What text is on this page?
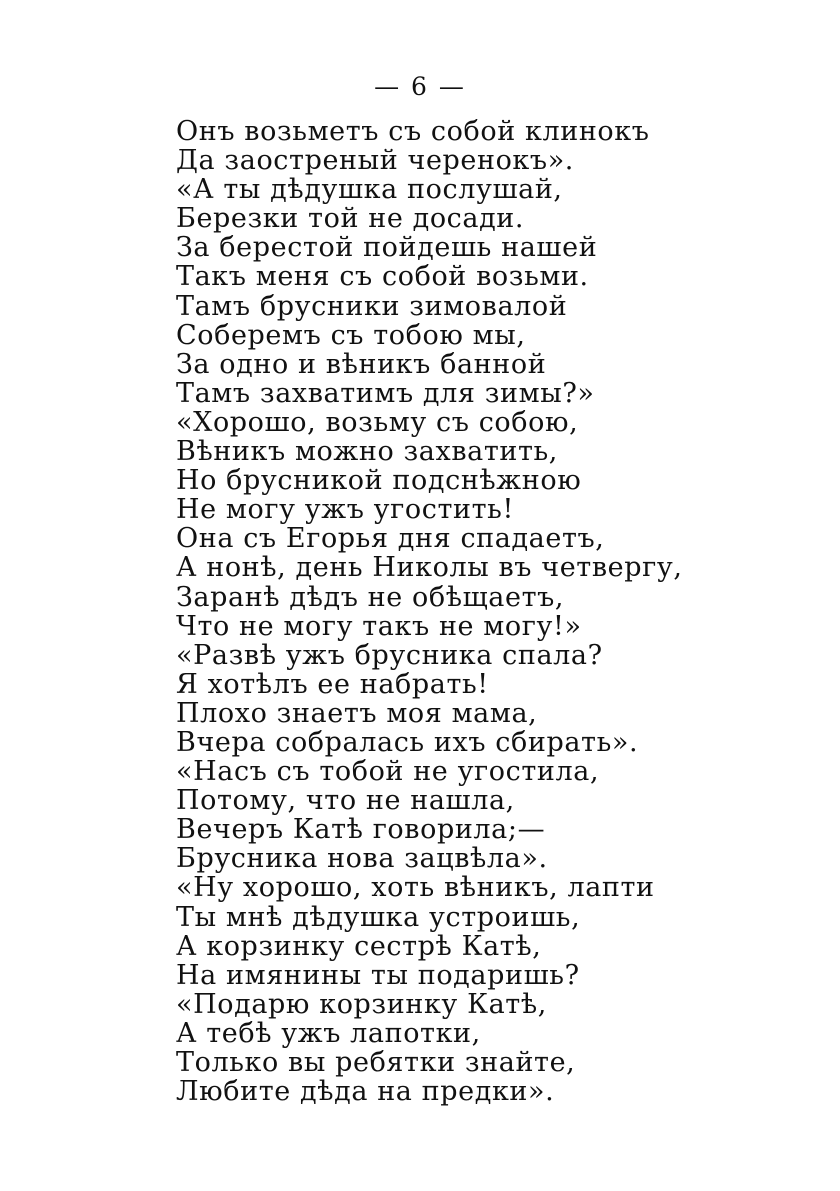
— 6 —
Онъ возьметъ съ собой клинокъ
Да заостреный черенокъ».
«А ты дѣдушка послушай,
Березки той не досади.
За берестой пойдешь нашей
Такъ меня съ собой возьми.
Тамъ брусники зимовалой
Соберемъ съ тобою мы,
За одно и вѣникъ банной
Тамъ захватимъ для зимы?»
«Хорошо, возьму съ собою,
Вѣникъ можно захватить,
Но брусникой подснѣжною
Не могу ужъ угостить!
Она съ Егорья дня спадаетъ,
А нонѣ, день Николы въ четвергу,
Заранѣ дѣдъ не обѣщаетъ,
Что не могу такъ не могу!»
«Развѣ ужъ брусника спала?
Я хотѣлъ ее набрать!
Плохо знаетъ моя мама,
Вчера собралась ихъ сбирать».
«Насъ съ тобой не угостила,
Потому, что не нашла,
Вечеръ Катѣ говорила;—
Брусника нова зацвѣла».
«Ну хорошо, хоть вѣникъ, лапти
Ты мнѣ дѣдушка устроишь,
А корзинку сестрѣ Катѣ,
На имянины ты подаришь?
«Подарю корзинку Катѣ,
А тебѣ ужъ лапотки,
Только вы ребятки знайте,
Любите дѣда на предки».
